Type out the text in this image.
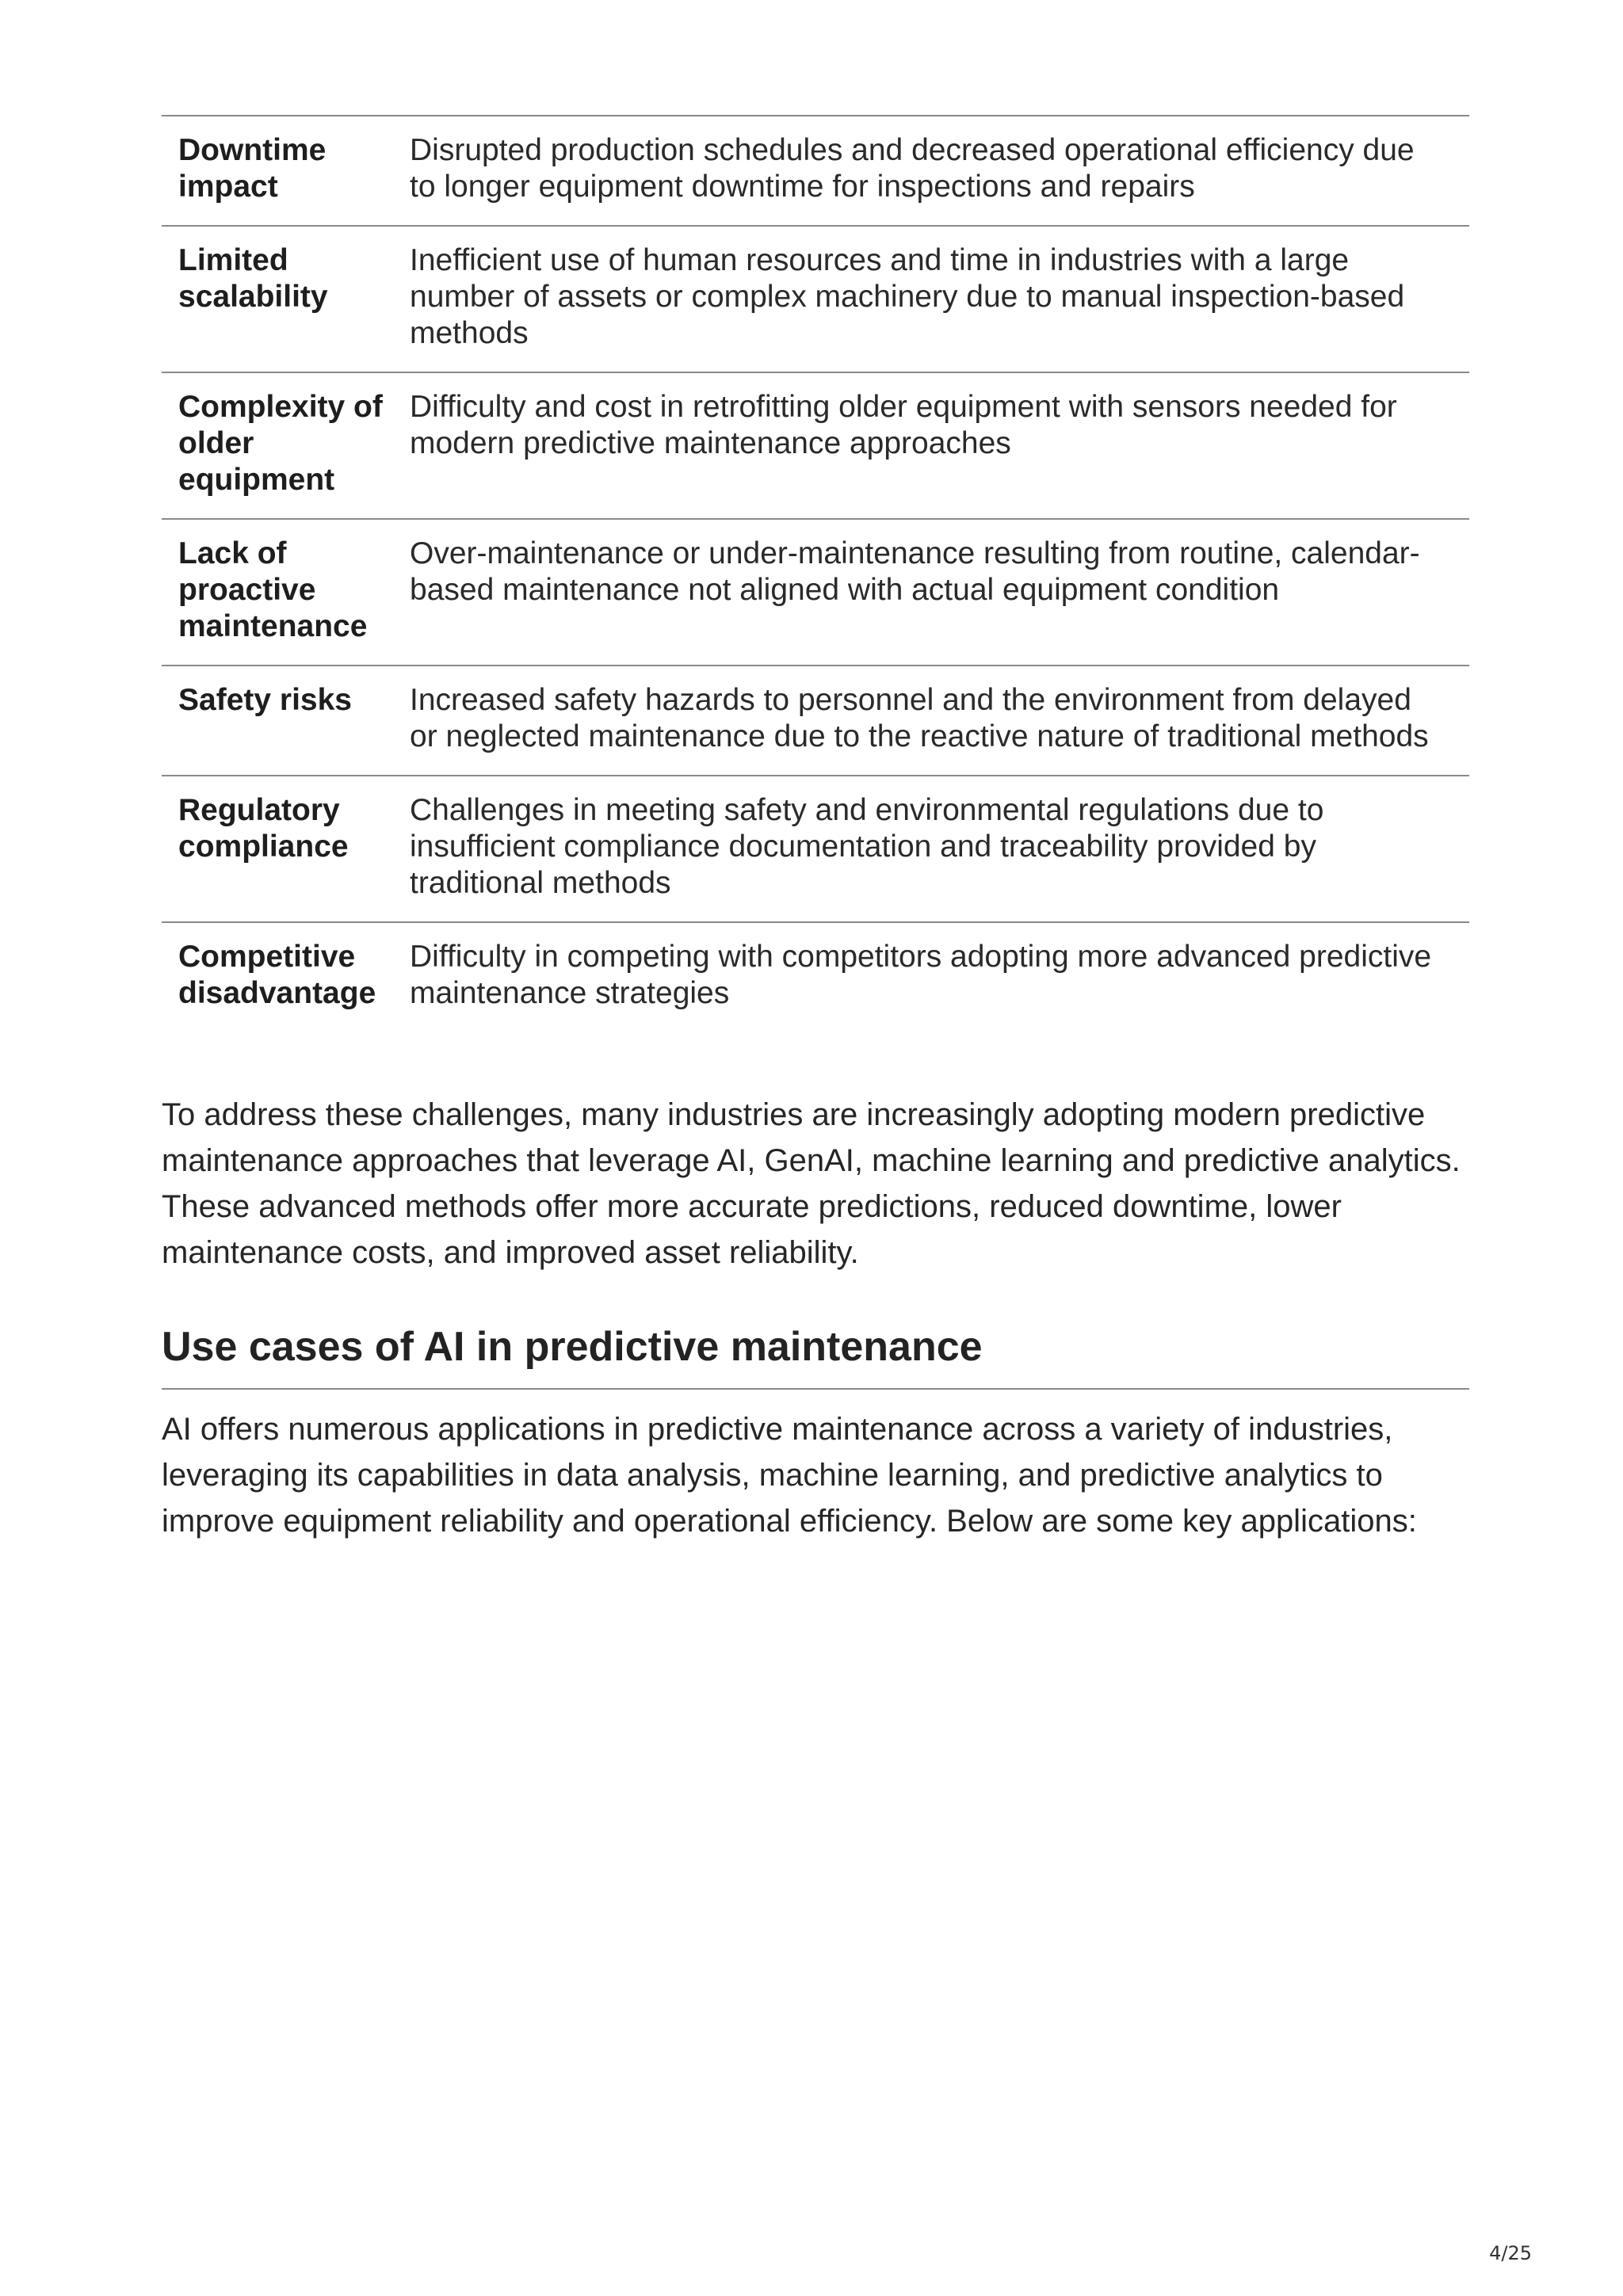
Downtime impact	Disrupted production schedules and decreased operational efficiency due to longer equipment downtime for inspections and repairs
Limited scalability	Inefficient use of human resources and time in industries with a large number of assets or complex machinery due to manual inspection-based methods
Complexity of older equipment	Difficulty and cost in retrofitting older equipment with sensors needed for modern predictive maintenance approaches
Lack of proactive maintenance	Over-maintenance or under-maintenance resulting from routine, calendar-based maintenance not aligned with actual equipment condition
Safety risks	Increased safety hazards to personnel and the environment from delayed or neglected maintenance due to the reactive nature of traditional methods
Regulatory compliance	Challenges in meeting safety and environmental regulations due to insufficient compliance documentation and traceability provided by traditional methods
Competitive disadvantage	Difficulty in competing with competitors adopting more advanced predictive maintenance strategies

To address these challenges, many industries are increasingly adopting modern predictive maintenance approaches that leverage AI, GenAI, machine learning and predictive analytics. These advanced methods offer more accurate predictions, reduced downtime, lower maintenance costs, and improved asset reliability.

Use cases of AI in predictive maintenance

AI offers numerous applications in predictive maintenance across a variety of industries, leveraging its capabilities in data analysis, machine learning, and predictive analytics to improve equipment reliability and operational efficiency. Below are some key applications:

4/25
